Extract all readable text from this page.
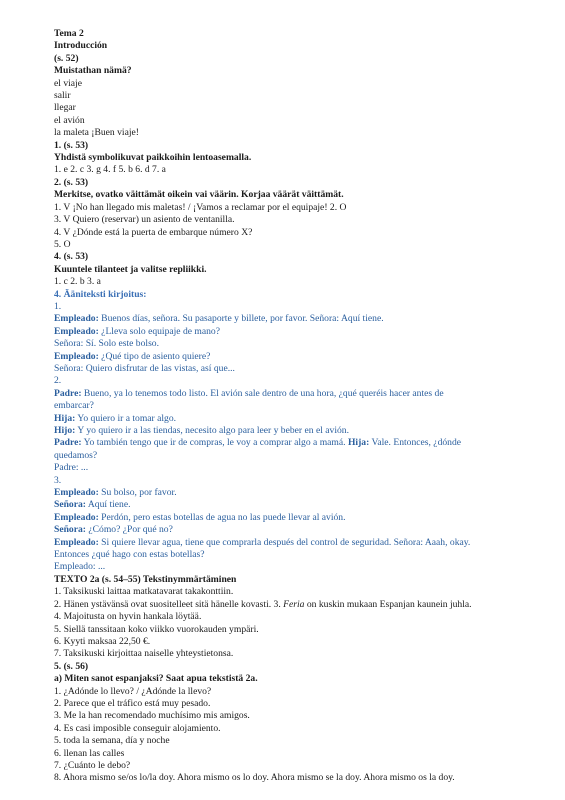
Tema 2
Introducción
(s. 52)
Muistathan nämä?
el viaje
salir
llegar
el avión
la maleta ¡Buen viaje!
1. (s. 53)
Yhdistä symbolikuvat paikkoihin lentoasemalla.
1. e 2. c 3. g 4. f 5. b 6. d 7. a
2. (s. 53)
Merkitse, ovatko väittämät oikein vai väärin. Korjaa väärät väittämät.
1. V ¡No han llegado mis maletas! / ¡Vamos a reclamar por el equipaje! 2. O
3. V Quiero (reservar) un asiento de ventanilla.
4. V ¿Dónde está la puerta de embarque número X?
5. O
4. (s. 53)
Kuuntele tilanteet ja valitse repliikki.
1. c 2. b 3. a
4. Ääniteksti kirjoitus:
1.
Empleado: Buenos días, señora. Su pasaporte y billete, por favor. Señora: Aquí tiene.
Empleado: ¿Lleva solo equipaje de mano?
Señora: Sí. Solo este bolso.
Empleado: ¿Qué tipo de asiento quiere?
Señora: Quiero disfrutar de las vistas, así que...
2.
Padre: Bueno, ya lo tenemos todo listo. El avión sale dentro de una hora, ¿qué queréis hacer antes de
embarcar?
Hija: Yo quiero ir a tomar algo.
Hijo: Y yo quiero ir a las tiendas, necesito algo para leer y beber en el avión.
Padre: Yo también tengo que ir de compras, le voy a comprar algo a mamá. Hija: Vale. Entonces, ¿dónde
quedamos?
Padre: ...
3.
Empleado: Su bolso, por favor.
Señora: Aquí tiene.
Empleado: Perdón, pero estas botellas de agua no las puede llevar al avión.
Señora: ¿Cómo? ¿Por qué no?
Empleado: Si quiere llevar agua, tiene que comprarla después del control de seguridad. Señora: Aaah, okay.
Entonces ¿qué hago con estas botellas?
Empleado: ...
TEXTO 2a (s. 54–55) Tekstinymmärtäminen
1. Taksikuski laittaa matkatavarat takakonttiin.
2. Hänen ystävänsä ovat suositelleet sitä hänelle kovasti. 3. Feria on kuskin mukaan Espanjan kaunein juhla.
4. Majoitusta on hyvin hankala löytää.
5. Siellä tanssitaan koko viikko vuorokauden ympäri.
6. Kyyti maksaa 22,50 €.
7. Taksikuski kirjoittaa naiselle yhteystietonsa.
5. (s. 56)
a) Miten sanot espanjaksi? Saat apua tekstistä 2a.
1. ¿Adónde lo llevo? / ¿Adónde la llevo?
2. Parece que el tráfico está muy pesado.
3. Me la han recomendado muchísimo mis amigos.
4. Es casi imposible conseguir alojamiento.
5. toda la semana, día y noche
6. llenan las calles
7. ¿Cuánto le debo?
8. Ahora mismo se/os lo/la doy. Ahora mismo os lo doy. Ahora mismo se la doy. Ahora mismo os la doy.
